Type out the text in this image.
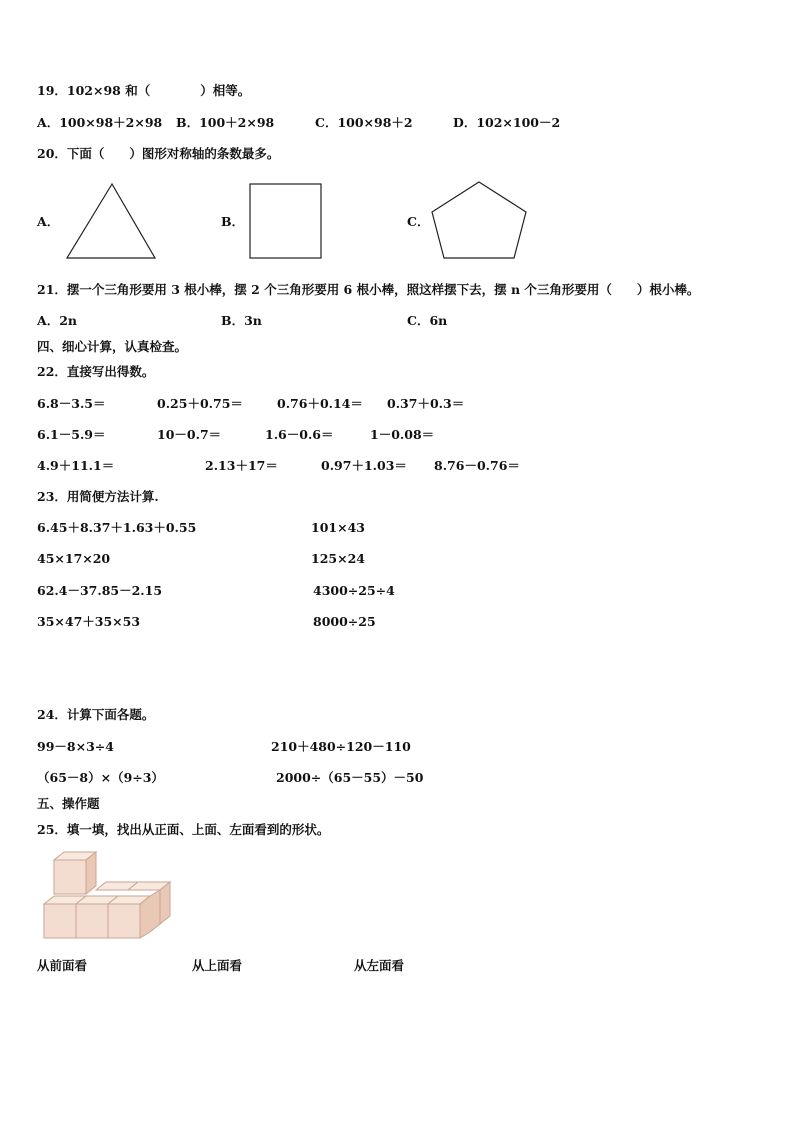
19．102×98 和（　　　　）相等。
A．100×98＋2×98 B．100＋2×98	C．100×98＋2	D．102×100－2
20．下面（　　）图形对称轴的条数最多。
A．	B．	C．
21．摆一个三角形要用 3 根小棒，摆 2 个三角形要用 6 根小棒，照这样摆下去，摆 n 个三角形要用（　　）根小棒。
A．2n	B．3n	C．6n
四、细心计算，认真检查。
22．直接写出得数。
6.8－3.5＝	0.25＋0.75＝	0.76＋0.14＝ 0.37＋0.3＝
6.1－5.9＝	10－0.7＝	1.6－0.6＝	1－0.08＝
4.9＋11.1＝	2.13＋17＝	0.97＋1.03＝ 8.76－0.76＝
23．用简便方法计算.
6.45＋8.37＋1.63＋0.55	101×43
45×17×20	125×24
62.4－37.85－2.15	4300÷25÷4
35×47＋35×53	8000÷25
24．计算下面各题。
99－8×3÷4	210＋480÷120－110
（65－8）×（9÷3）	2000÷（65－55）－50
五、操作题
25．填一填，找出从正面、上面、左面看到的形状。
从前面看	从上面看	从左面看
